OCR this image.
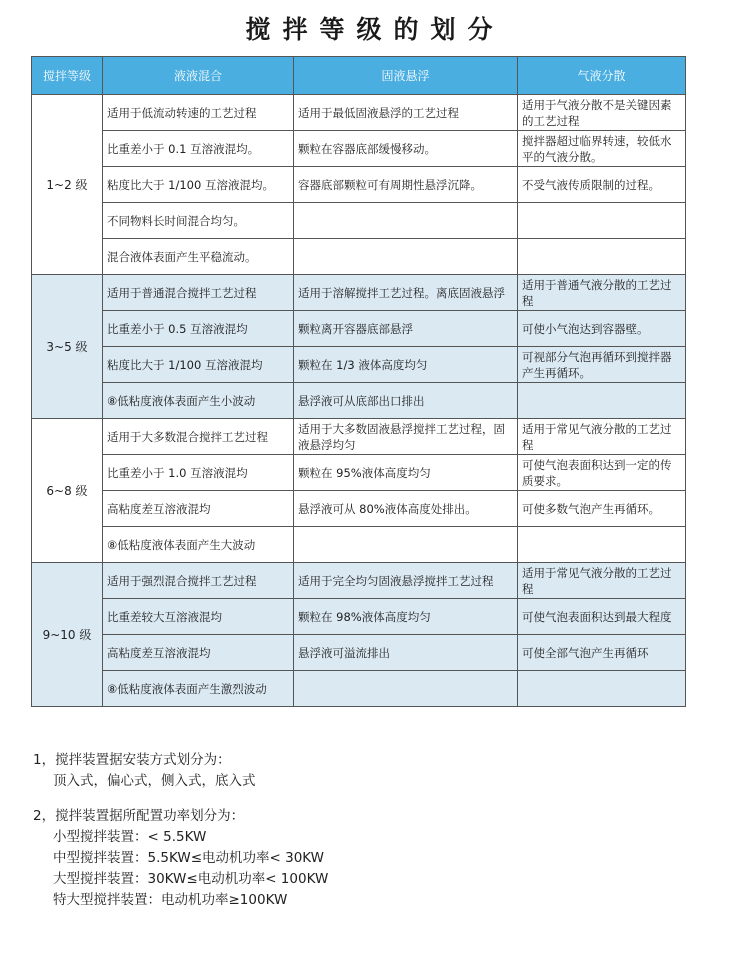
搅拌等级的划分
搅拌等级	液液混合	固液悬浮	气液分散
1~2 级	适用于低流动转速的工艺过程	适用于最低固液悬浮的工艺过程	适用于气液分散不是关键因素的工艺过程
	比重差小于 0.1 互溶液混均。	颗粒在容器底部缓慢移动。	搅拌器超过临界转速，较低水平的气液分散。
	粘度比大于 1/100 互溶液混均。	容器底部颗粒可有周期性悬浮沉降。	不受气液传质限制的过程。
	不同物料长时间混合均匀。		
	混合液体表面产生平稳流动。		
3~5 级	适用于普通混合搅拌工艺过程	适用于溶解搅拌工艺过程。离底固液悬浮	适用于普通气液分散的工艺过程
	比重差小于 0.5 互溶液混均	颗粒离开容器底部悬浮	可使小气泡达到容器壁。
	粘度比大于 1/100 互溶液混均	颗粒在 1/3 液体高度均匀	可视部分气泡再循环到搅拌器产生再循环。
	⑧低粘度液体表面产生小波动	悬浮液可从底部出口排出	
6~8 级	适用于大多数混合搅拌工艺过程	适用于大多数固液悬浮搅拌工艺过程，固液悬浮均匀	适用于常见气液分散的工艺过程
	比重差小于 1.0 互溶液混均	颗粒在 95%液体高度均匀	可使气泡表面积达到一定的传质要求。
	高粘度差互溶液混均	悬浮液可从 80%液体高度处排出。	可使多数气泡产生再循环。
	⑧低粘度液体表面产生大波动		
9~10 级	适用于强烈混合搅拌工艺过程	适用于完全均匀固液悬浮搅拌工艺过程	适用于常见气液分散的工艺过程
	比重差较大互溶液混均	颗粒在 98%液体高度均匀	可使气泡表面积达到最大程度
	高粘度差互溶液混均	悬浮液可溢流排出	可使全部气泡产生再循环
	⑧低粘度液体表面产生激烈波动		
1，搅拌装置据安装方式划分为：
顶入式，偏心式，侧入式，底入式
2，搅拌装置据所配置功率划分为：
小型搅拌装置：< 5.5KW
中型搅拌装置：5.5KW≤电动机功率< 30KW
大型搅拌装置：30KW≤电动机功率< 100KW
特大型搅拌装置：电动机功率≥100KW
